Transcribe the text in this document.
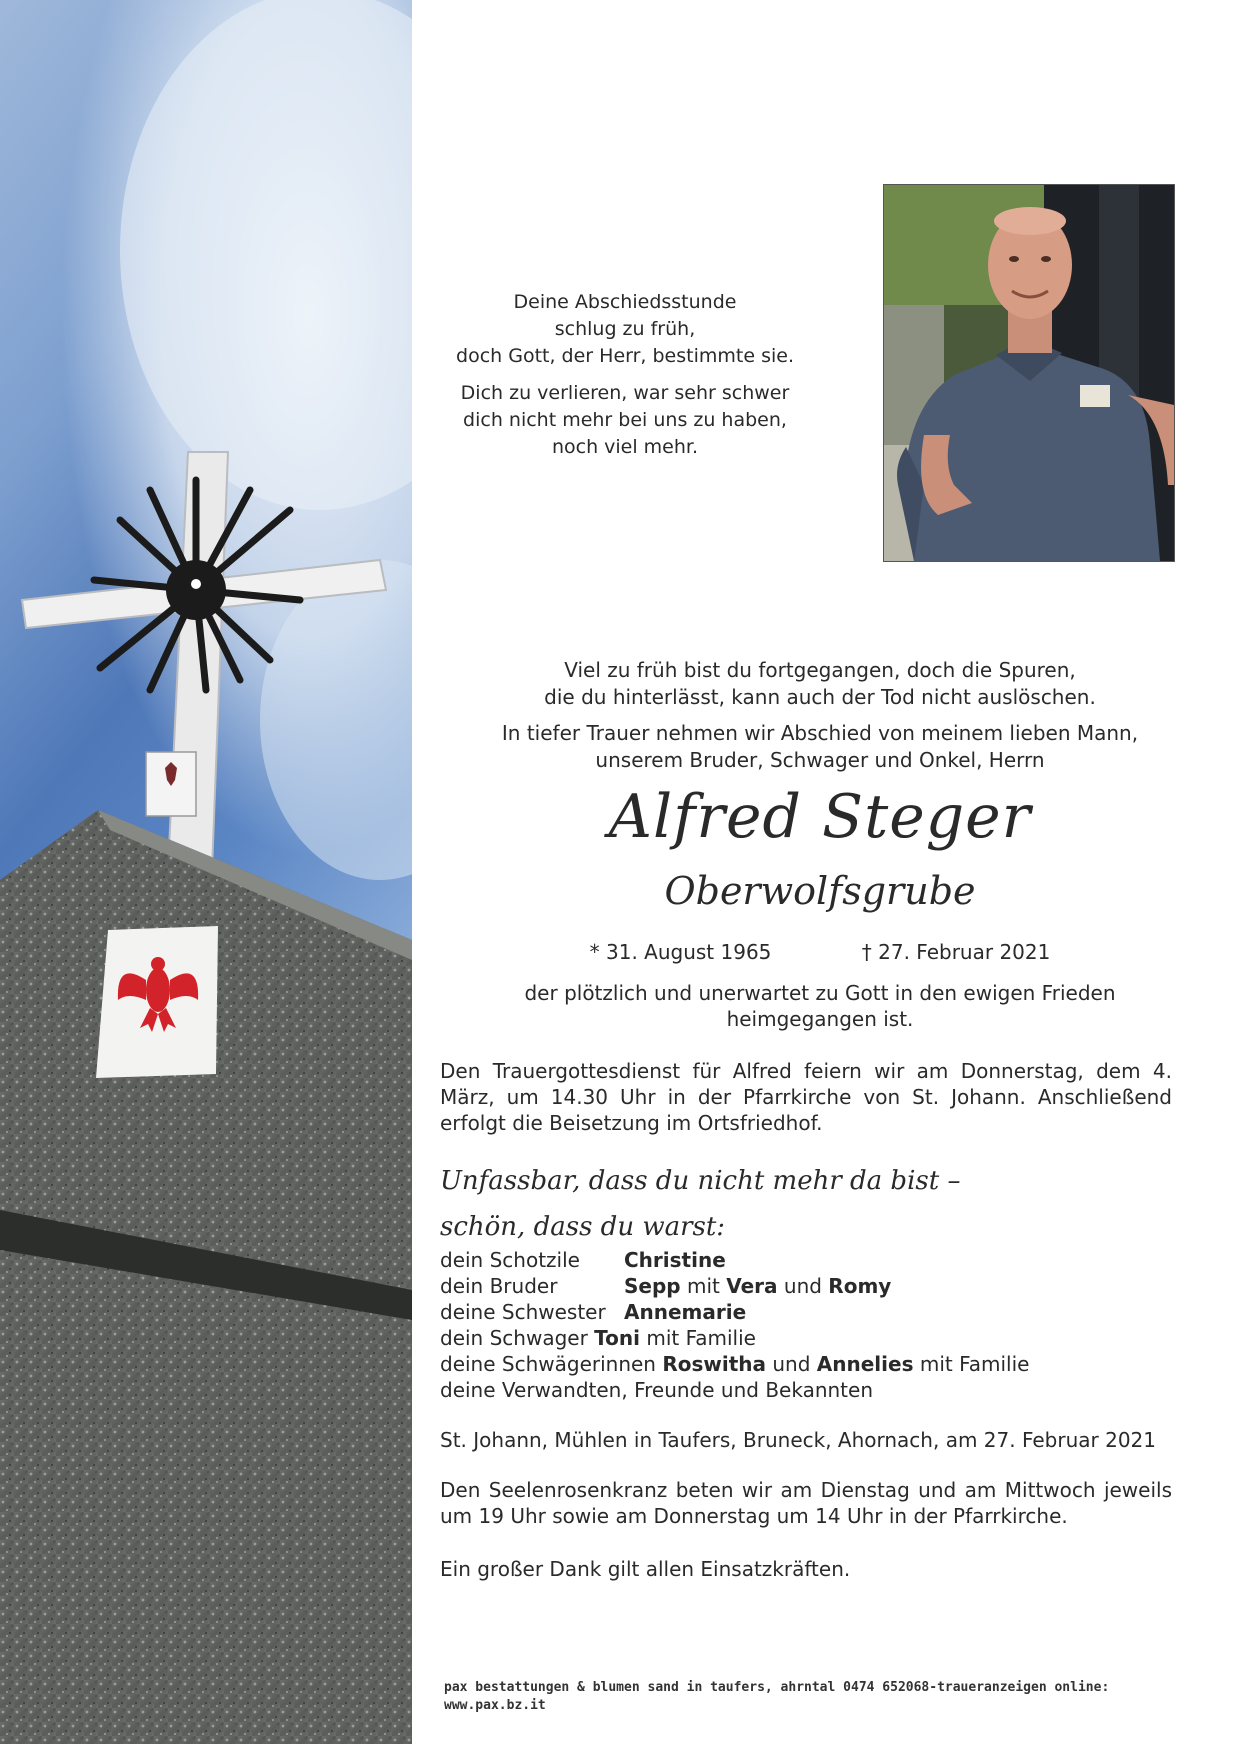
Deine Abschiedsstunde
schlug zu früh,
doch Gott, der Herr, bestimmte sie.

Dich zu verlieren, war sehr schwer
dich nicht mehr bei uns zu haben,
noch viel mehr.

Viel zu früh bist du fortgegangen, doch die Spuren,
die du hinterlässt, kann auch der Tod nicht auslöschen.

In tiefer Trauer nehmen wir Abschied von meinem lieben Mann,
unserem Bruder, Schwager und Onkel, Herrn

Alfred Steger
Oberwolfsgrube
* 31. August 1965	† 27. Februar 2021
der plötzlich und unerwartet zu Gott in den ewigen Frieden
heimgegangen ist.

Den Trauergottesdienst für Alfred feiern wir am Donnerstag, dem 4. März, um 14.30 Uhr in der Pfarrkirche von St. Johann. Anschließend erfolgt die Beisetzung im Ortsfriedhof.

Unfassbar, dass du nicht mehr da bist –
schön, dass du warst:
dein Schotzile Christine
dein Bruder	Sepp mit Vera und Romy
deine Schwester Annemarie
dein Schwager Toni mit Familie
deine Schwägerinnen Roswitha und Annelies mit Familie
deine Verwandten, Freunde und Bekannten

St. Johann, Mühlen in Taufers, Bruneck, Ahornach, am 27. Februar 2021

Den Seelenrosenkranz beten wir am Dienstag und am Mittwoch jeweils um 19 Uhr sowie am Donnerstag um 14 Uhr in der Pfarrkirche.

Ein großer Dank gilt allen Einsatzkräften.

pax bestattungen & blumen sand in taufers, ahrntal 0474 652068-traueranzeigen online: www.pax.bz.it
